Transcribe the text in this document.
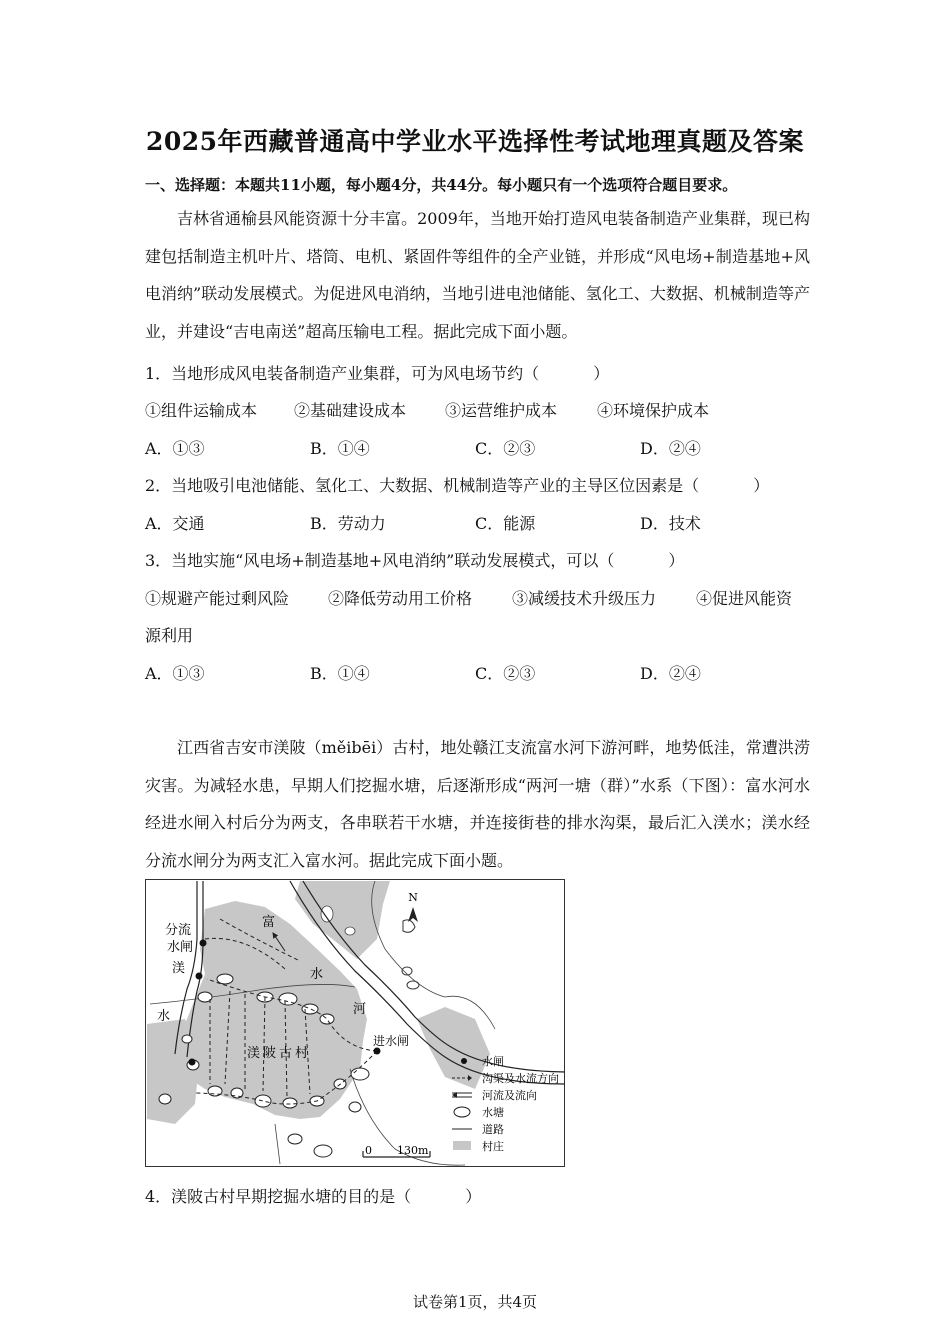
2025年西藏普通高中学业水平选择性考试地理真题及答案
一、选择题：本题共11小题，每小题4分，共44分。每小题只有一个选项符合题目要求。
吉林省通榆县风能资源十分丰富。2009年，当地开始打造风电装备制造产业集群，现已构建包括制造主机叶片、塔筒、电机、紧固件等组件的全产业链，并形成“风电场+制造基地+风电消纳”联动发展模式。为促进风电消纳，当地引进电池储能、氢化工、大数据、机械制造等产业，并建设“吉电南送”超高压输电工程。据此完成下面小题。
1．当地形成风电装备制造产业集群，可为风电场节约（	）
①组件运输成本 ②基础建设成本 ③运营维护成本 ④环境保护成本
A．①③	B．①④	C．②③	D．②④
2．当地吸引电池储能、氢化工、大数据、机械制造等产业的主导区位因素是（	）
A．交通	B．劳动力	C．能源	D．技术
3．当地实施“风电场+制造基地+风电消纳”联动发展模式，可以（	）
①规避产能过剩风险 ②降低劳动用工价格 ③减缓技术升级压力 ④促进风能资
源利用
A．①③	B．①④	C．②③	D．②④
江西省吉安市渼陂（měibēi）古村，地处赣江支流富水河下游河畔，地势低洼，常遭洪涝灾害。为减轻水患，早期人们挖掘水塘，后逐渐形成“两河一塘（群）”水系（下图）：富水河水经进水闸入村后分为两支，各串联若干水塘，并连接街巷的排水沟渠，最后汇入渼水；渼水经分流水闸分为两支汇入富水河。据此完成下面小题。
N
分流
水闸
渼
水
富
水
河
进水闸
渼陂古村
0 130m
水闸
沟渠及水流方向
河流及流向
水塘
道路
村庄
4．渼陂古村早期挖掘水塘的目的是（	）
试卷第1页，共4页
